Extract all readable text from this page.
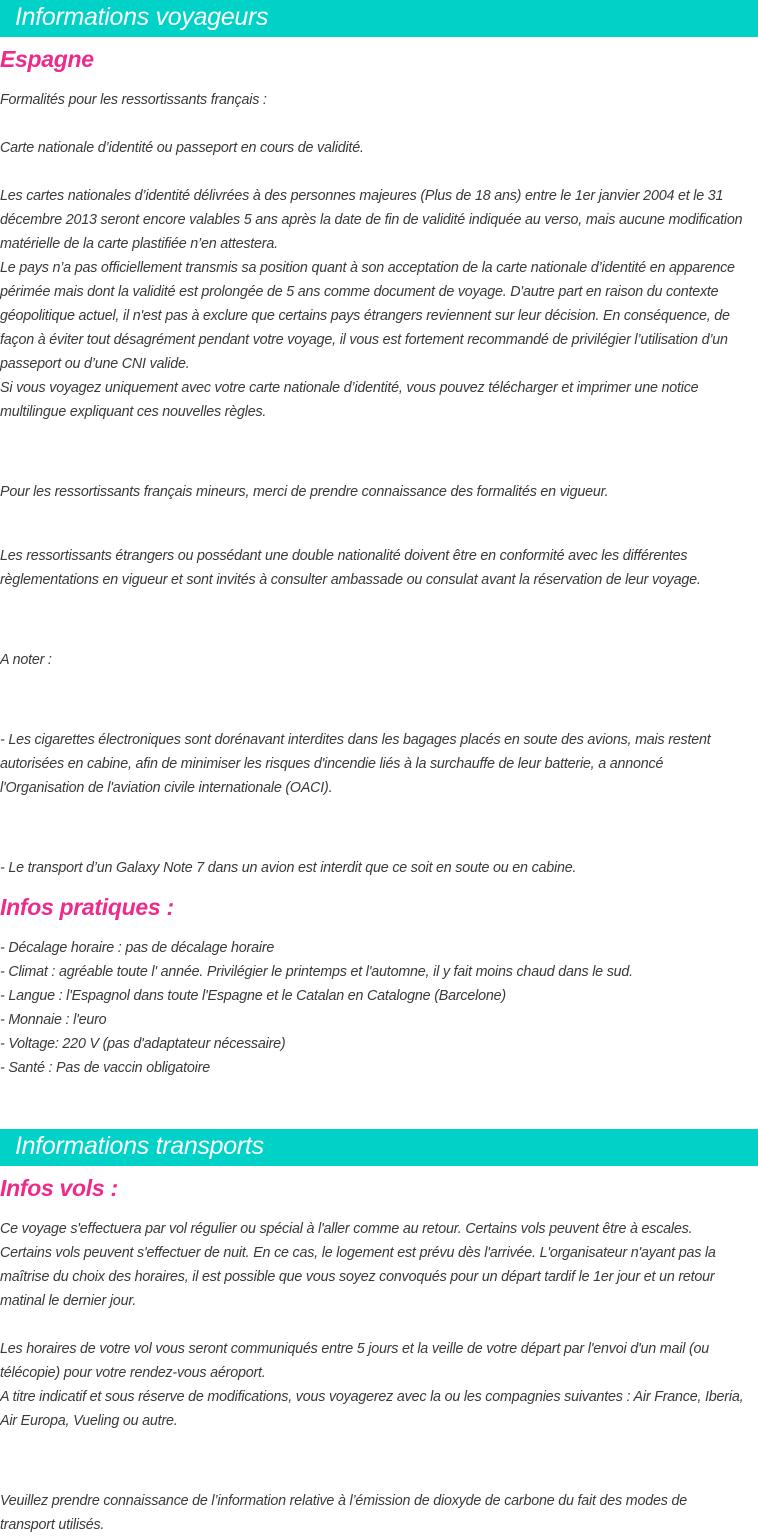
Informations voyageurs
Espagne
Formalités pour les ressortissants français :
Carte nationale d’identité ou passeport en cours de validité.
Les cartes nationales d’identité délivrées à des personnes majeures (Plus de 18 ans) entre le 1er janvier 2004 et le 31
décembre 2013 seront encore valables 5 ans après la date de fin de validité indiquée au verso, mais aucune modification
matérielle de la carte plastifiée n’en attestera.
Le pays n’a pas officiellement transmis sa position quant à son acceptation de la carte nationale d’identité en apparence
périmée mais dont la validité est prolongée de 5 ans comme document de voyage. D'autre part en raison du contexte
géopolitique actuel, il n'est pas à exclure que certains pays étrangers reviennent sur leur décision. En conséquence, de
façon à éviter tout désagrément pendant votre voyage, il vous est fortement recommandé de privilégier l’utilisation d’un
passeport ou d’une CNI valide.
Si vous voyagez uniquement avec votre carte nationale d’identité, vous pouvez télécharger et imprimer une notice
multilingue expliquant ces nouvelles règles.
Pour les ressortissants français mineurs, merci de prendre connaissance des formalités en vigueur.
Les ressortissants étrangers ou possédant une double nationalité doivent être en conformité avec les différentes
règlementations en vigueur et sont invités à consulter ambassade ou consulat avant la réservation de leur voyage.
A noter :
- Les cigarettes électroniques sont dorénavant interdites dans les bagages placés en soute des avions, mais restent
autorisées en cabine, afin de minimiser les risques d'incendie liés à la surchauffe de leur batterie, a annoncé
l'Organisation de l'aviation civile internationale (OACI).
- Le transport d’un Galaxy Note 7 dans un avion est interdit que ce soit en soute ou en cabine.
Infos pratiques :
- Décalage horaire : pas de décalage horaire
- Climat : agréable toute l' année. Privilégier le printemps et l'automne, il y fait moins chaud dans le sud.
- Langue : l'Espagnol dans toute l'Espagne et le Catalan en Catalogne (Barcelone)
- Monnaie : l'euro
- Voltage: 220 V (pas d'adaptateur nécessaire)
- Santé : Pas de vaccin obligatoire
Informations transports
Infos vols :
Ce voyage s'effectuera par vol régulier ou spécial à l'aller comme au retour. Certains vols peuvent être à escales.
Certains vols peuvent s'effectuer de nuit. En ce cas, le logement est prévu dès l'arrivée. L'organisateur n'ayant pas la
maîtrise du choix des horaires, il est possible que vous soyez convoqués pour un départ tardif le 1er jour et un retour
matinal le dernier jour.
Les horaires de votre vol vous seront communiqués entre 5 jours et la veille de votre départ par l'envoi d'un mail (ou
télécopie) pour votre rendez-vous aéroport.
A titre indicatif et sous réserve de modifications, vous voyagerez avec la ou les compagnies suivantes : Air France, Iberia,
Air Europa, Vueling ou autre.
Veuillez prendre connaissance de l’information relative à l’émission de dioxyde de carbone du fait des modes de
transport utilisés.
